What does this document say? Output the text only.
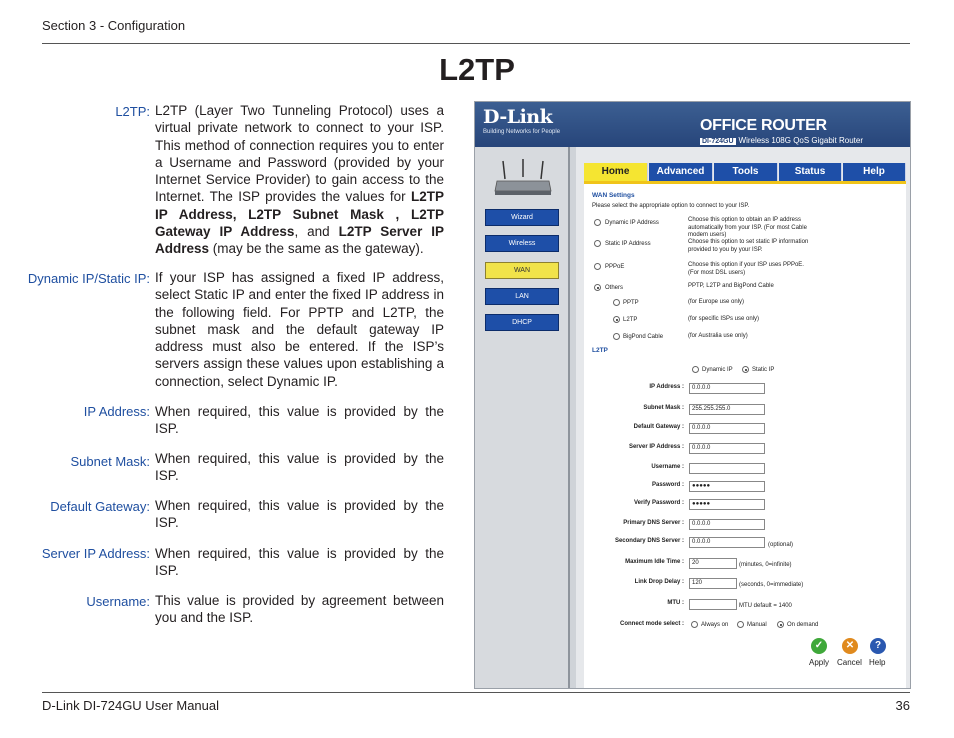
Section 3 - Configuration
L2TP
L2TP: L2TP (Layer Two Tunneling Protocol) uses a virtual private network to connect to your ISP. This method of connection requires you to enter a Username and Password (provided by your Internet Service Provider) to gain access to the Internet. The ISP provides the values for L2TP IP Address, L2TP Subnet Mask , L2TP Gateway IP Address, and L2TP Server IP Address (may be the same as the gateway).
Dynamic IP/Static IP: If your ISP has assigned a fixed IP address, select Static IP and enter the fixed IP address in the following field. For PPTP and L2TP, the subnet mask and the default gateway IP address must also be entered. If the ISP’s servers assign these values upon establishing a connection, select Dynamic IP.
IP Address: When required, this value is provided by the ISP.
Subnet Mask: When required, this value is provided by the ISP.
Default Gateway: When required, this value is provided by the ISP.
Server IP Address: When required, this value is provided by the ISP.
Username: This value is provided by agreement between you and the ISP.
D-Link
Building Networks for People	OFFICE ROUTER
DI-724GU Wireless 108G QoS Gigabit Router
Wizard
Wireless
WAN
LAN
DHCP
Home	Advanced	Tools	Status	Help
WAN Settings
Please select the appropriate option to connect to your ISP.
Dynamic IP Address	Choose this option to obtain an IP address automatically from your ISP. (For most Cable modem users)
Static IP Address	Choose this option to set static IP information provided to you by your ISP.
PPPoE	Choose this option if your ISP uses PPPoE. (For most DSL users)
Others	PPTP, L2TP and BigPond Cable
PPTP	(for Europe use only)
L2TP	(for specific ISPs use only)
BigPond Cable	(for Australia use only)
L2TP
Dynamic IP	Static IP
IP Address :	0.0.0.0
Subnet Mask :	255.255.255.0
Default Gateway :	0.0.0.0
Server IP Address :	0.0.0.0
Username :
Password :	●●●●●
Verify Password :	●●●●●
Primary DNS Server :	0.0.0.0
Secondary DNS Server :	0.0.0.0	(optional)
Maximum Idle Time :	20	(minutes, 0=infinite)
Link Drop Delay :	120	(seconds, 0=immediate)
MTU :	MTU default = 1400
Connect mode select :	Always on	Manual	On demand
✓	✕	?
Apply Cancel Help
D-Link DI-724GU User Manual	36
